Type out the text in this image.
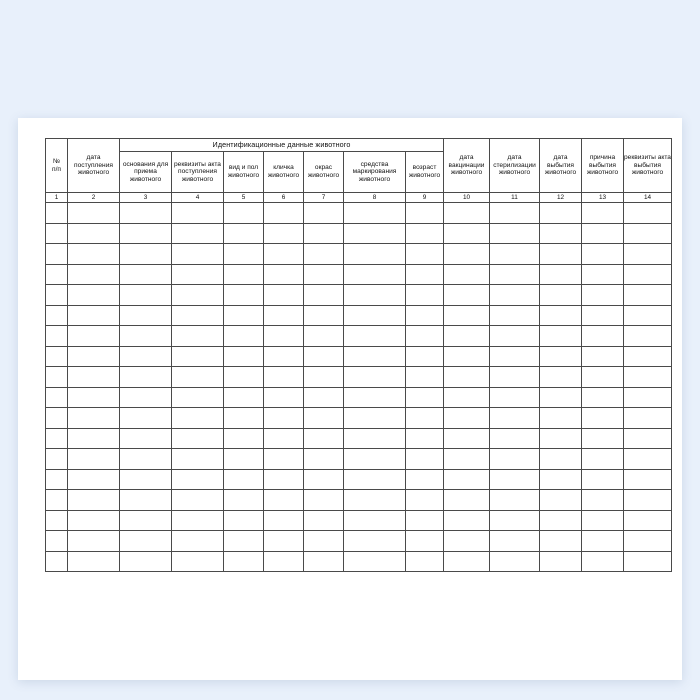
№
п/п	дата поступления животного	Идентификационные данные животного							дата вакцинации животного	дата стерилизации животного	дата выбытия животного	причина выбытия животного	реквизиты акта выбытия животного
		основания для приема животного	реквизиты акта поступления животного	вид и пол животного	кличка животного	окрас животного	средства маркирования животного	возраст животного					
1	2	3	4	5	6	7	8	9	10	11	12	13	14
